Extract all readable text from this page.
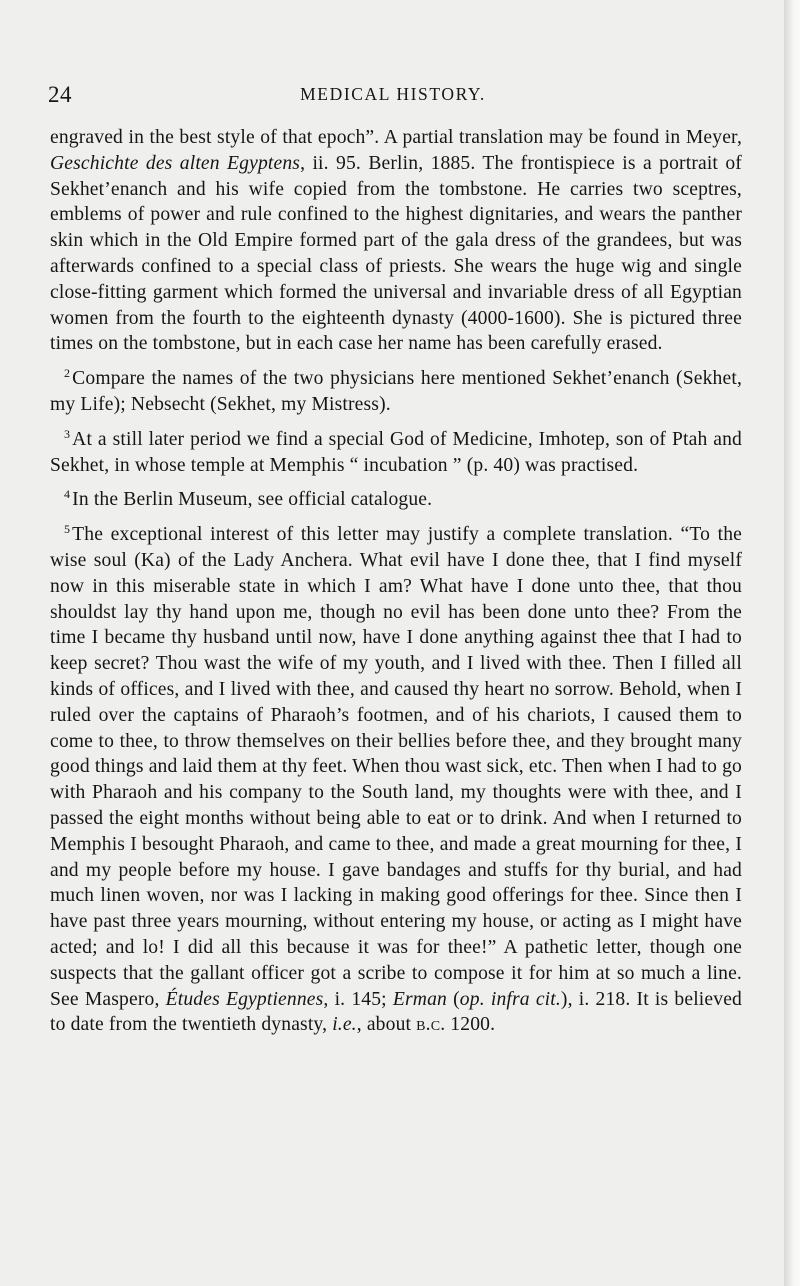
24	MEDICAL HISTORY.

engraved in the best style of that epoch”. A partial translation may be found in Meyer, Geschichte des alten Egyptens, ii. 95. Berlin, 1885. The frontispiece is a portrait of Sekhet’enanch and his wife copied from the tombstone. He carries two sceptres, emblems of power and rule confined to the highest dignitaries, and wears the panther skin which in the Old Empire formed part of the gala dress of the grandees, but was afterwards confined to a special class of priests. She wears the huge wig and single close-fitting garment which formed the universal and invariable dress of all Egyptian women from the fourth to the eighteenth dynasty (4000-1600). She is pictured three times on the tombstone, but in each case her name has been carefully erased.

$^2$ Compare the names of the two physicians here mentioned Sekhet’enanch (Sekhet, my Life); Nebsecht (Sekhet, my Mistress).

$^3$ At a still later period we find a special God of Medicine, Imhotep, son of Ptah and Sekhet, in whose temple at Memphis “ incubation ” (p. 40) was practised.

$^4$ In the Berlin Museum, see official catalogue.

$^5$ The exceptional interest of this letter may justify a complete translation. “To the wise soul (Ka) of the Lady Anchera. What evil have I done thee, that I find myself now in this miserable state in which I am? What have I done unto thee, that thou shouldst lay thy hand upon me, though no evil has been done unto thee? From the time I became thy husband until now, have I done anything against thee that I had to keep secret? Thou wast the wife of my youth, and I lived with thee. Then I filled all kinds of offices, and I lived with thee, and caused thy heart no sorrow. Behold, when I ruled over the captains of Pharaoh’s footmen, and of his chariots, I caused them to come to thee, to throw themselves on their bellies before thee, and they brought many good things and laid them at thy feet. When thou wast sick, etc. Then when I had to go with Pharaoh and his company to the South land, my thoughts were with thee, and I passed the eight months without being able to eat or to drink. And when I returned to Memphis I besought Pharaoh, and came to thee, and made a great mourning for thee, I and my people before my house. I gave bandages and stuffs for thy burial, and had much linen woven, nor was I lacking in making good offerings for thee. Since then I have past three years mourning, without entering my house, or acting as I might have acted; and lo! I did all this because it was for thee!” A pathetic letter, though one suspects that the gallant officer got a scribe to compose it for him at so much a line. See Maspero, Études Egyptiennes, i. 145; Erman (op. infra cit.), i. 218. It is believed to date from the twentieth dynasty, i.e., about b.c. 1200.
